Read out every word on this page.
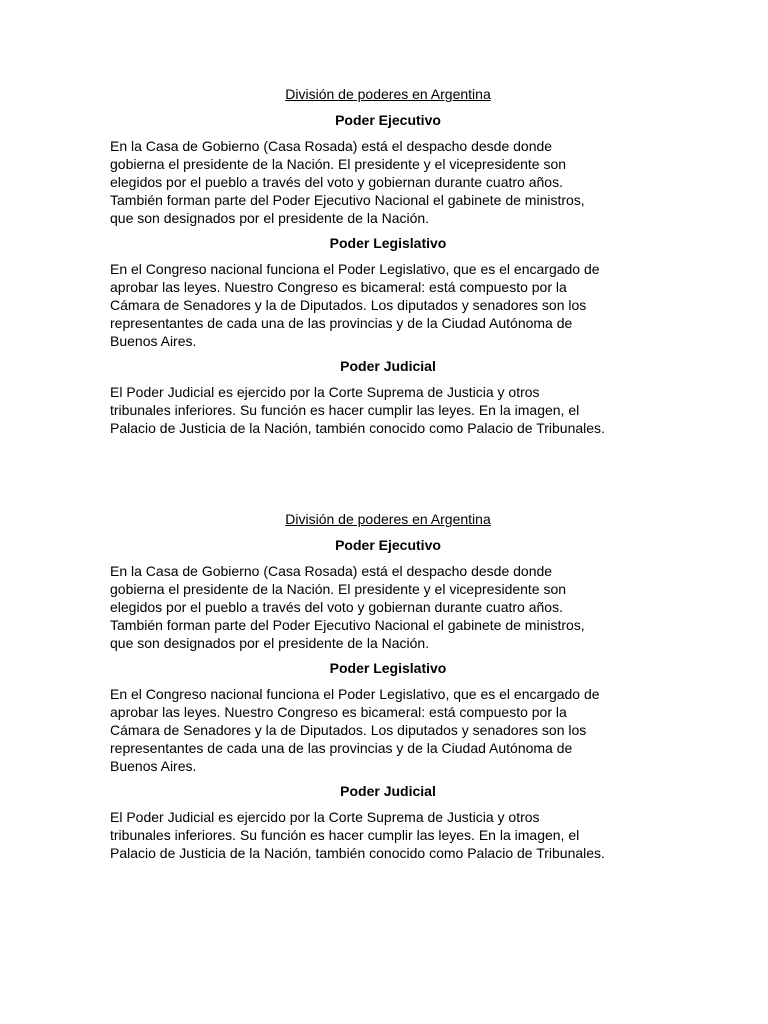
División de poderes en Argentina
Poder Ejecutivo
En la Casa de Gobierno (Casa Rosada) está el despacho desde donde
gobierna el presidente de la Nación. El presidente y el vicepresidente son
elegidos por el pueblo a través del voto y gobiernan durante cuatro años.
También forman parte del Poder Ejecutivo Nacional el gabinete de ministros,
que son designados por el presidente de la Nación.
Poder Legislativo
En el Congreso nacional funciona el Poder Legislativo, que es el encargado de
aprobar las leyes. Nuestro Congreso es bicameral: está compuesto por la
Cámara de Senadores y la de Diputados. Los diputados y senadores son los
representantes de cada una de las provincias y de la Ciudad Autónoma de
Buenos Aires.
Poder Judicial
El Poder Judicial es ejercido por la Corte Suprema de Justicia y otros
tribunales inferiores. Su función es hacer cumplir las leyes. En la imagen, el
Palacio de Justicia de la Nación, también conocido como Palacio de Tribunales.
División de poderes en Argentina
Poder Ejecutivo
En la Casa de Gobierno (Casa Rosada) está el despacho desde donde
gobierna el presidente de la Nación. El presidente y el vicepresidente son
elegidos por el pueblo a través del voto y gobiernan durante cuatro años.
También forman parte del Poder Ejecutivo Nacional el gabinete de ministros,
que son designados por el presidente de la Nación.
Poder Legislativo
En el Congreso nacional funciona el Poder Legislativo, que es el encargado de
aprobar las leyes. Nuestro Congreso es bicameral: está compuesto por la
Cámara de Senadores y la de Diputados. Los diputados y senadores son los
representantes de cada una de las provincias y de la Ciudad Autónoma de
Buenos Aires.
Poder Judicial
El Poder Judicial es ejercido por la Corte Suprema de Justicia y otros
tribunales inferiores. Su función es hacer cumplir las leyes. En la imagen, el
Palacio de Justicia de la Nación, también conocido como Palacio de Tribunales.
